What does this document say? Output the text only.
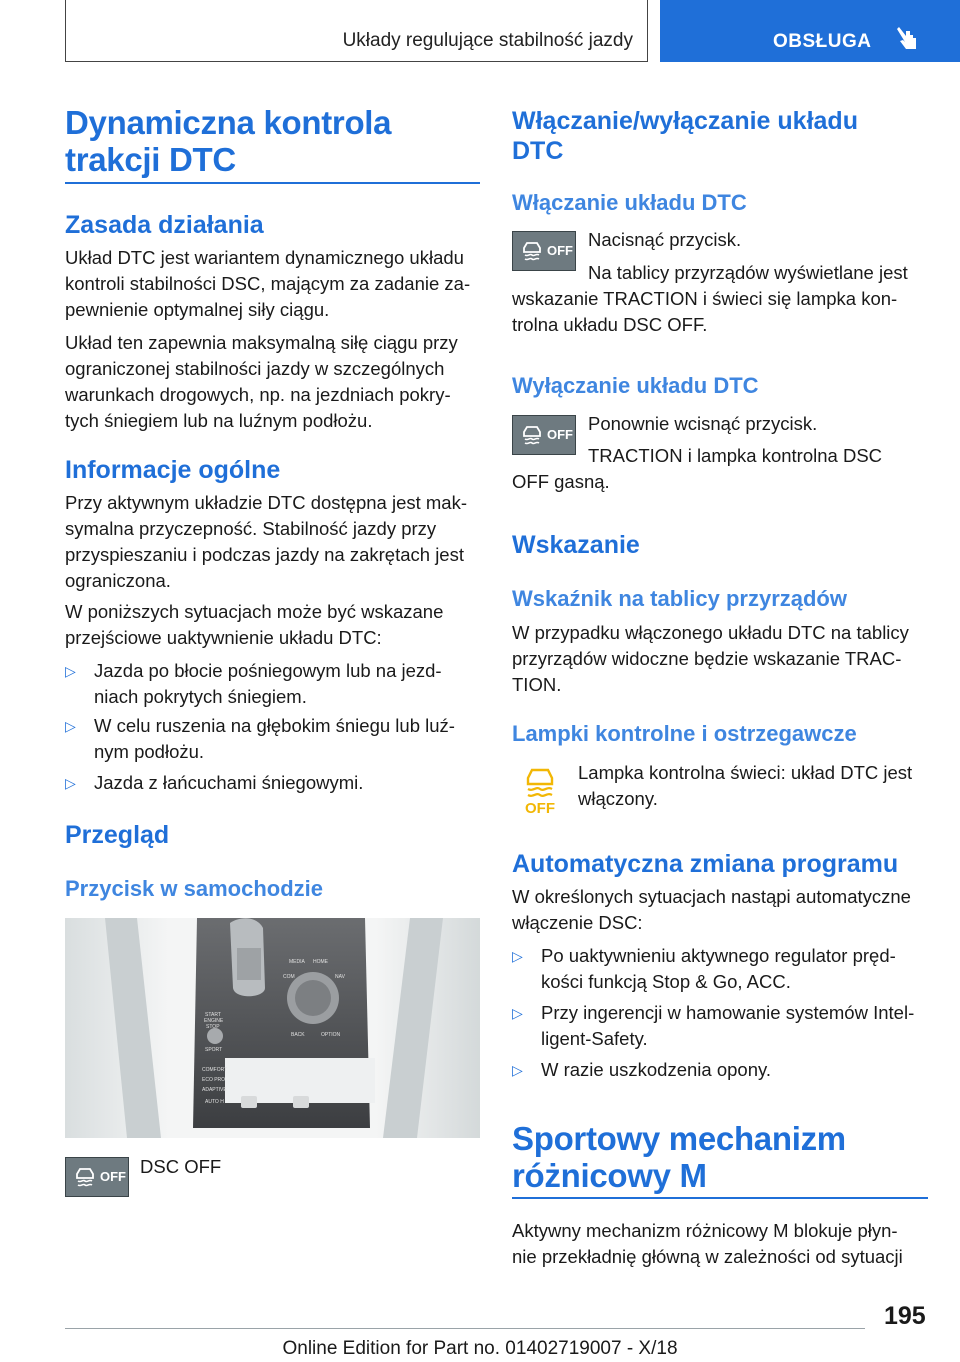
Układy regulujące stabilność jazdy	OBSŁUGA
Dynamiczna kontrola
trakcji DTC
Zasada działania

Układ DTC jest wariantem dynamicznego układu

kontroli stabilności DSC, mającym za zadanie za-

pewnienie optymalnej siły ciągu.

Układ ten zapewnia maksymalną siłę ciągu przy

ograniczonej stabilności jazdy w szczególnych

warunkach drogowych, np. na jezdniach pokry-

tych śniegiem lub na luźnym podłożu.

Informacje ogólne

Przy aktywnym układzie DTC dostępna jest mak-

symalna przyczepność. Stabilność jazdy przy

przyspieszaniu i podczas jazdy na zakrętach jest

ograniczona.

W poniższych sytuacjach może być wskazane

przejściowe uaktywnienie układu DTC:

▷ Jazda po błocie pośniegowym lub na jezd-
niach pokrytych śniegiem.
▷ W celu ruszenia na głębokim śniegu lub luź-
nym podłożu.
▷ Jazda z łańcuchami śniegowymi.
Przegląd
Przycisk w samochodzie
START
ENGINE
STOP
SPORT
COMFORT
ECO PRO
ADAPTIVE
AUTO H
MEDIA HOME
COM	NAV
BACK	OPTION
OFF DSC OFF

Włączanie/wyłączanie układu
DTC
Włączanie układu DTC
OFF

Nacisnąć przycisk.

Na tablicy przyrządów wyświetlane jest

wskazanie TRACTION i świeci się lampka kon-

trolna układu DSC OFF.

Wyłączanie układu DTC
OFF

Ponownie wcisnąć przycisk.

TRACTION i lampka kontrolna DSC

OFF gasną.

Wskazanie
Wskaźnik na tablicy przyrządów

W przypadku włączonego układu DTC na tablicy

przyrządów widoczne będzie wskazanie TRAC-

TION.

Lampki kontrolne i ostrzegawcze
OFF

Lampka kontrolna świeci: układ DTC jest

włączony.

Automatyczna zmiana programu

W określonych sytuacjach nastąpi automatyczne

włączenie DSC:

▷ Po uaktywnieniu aktywnego regulator pręd-
kości funkcją Stop & Go, ACC.
▷ Przy ingerencji w hamowanie systemów Intel-
ligent-Safety.
▷ W razie uszkodzenia opony.
Sportowy mechanizm
różnicowy M

Aktywny mechanizm różnicowy M blokuje płyn-

nie przekładnię główną w zależności od sytuacji

195
Online Edition for Part no. 01402719007 - X/18
